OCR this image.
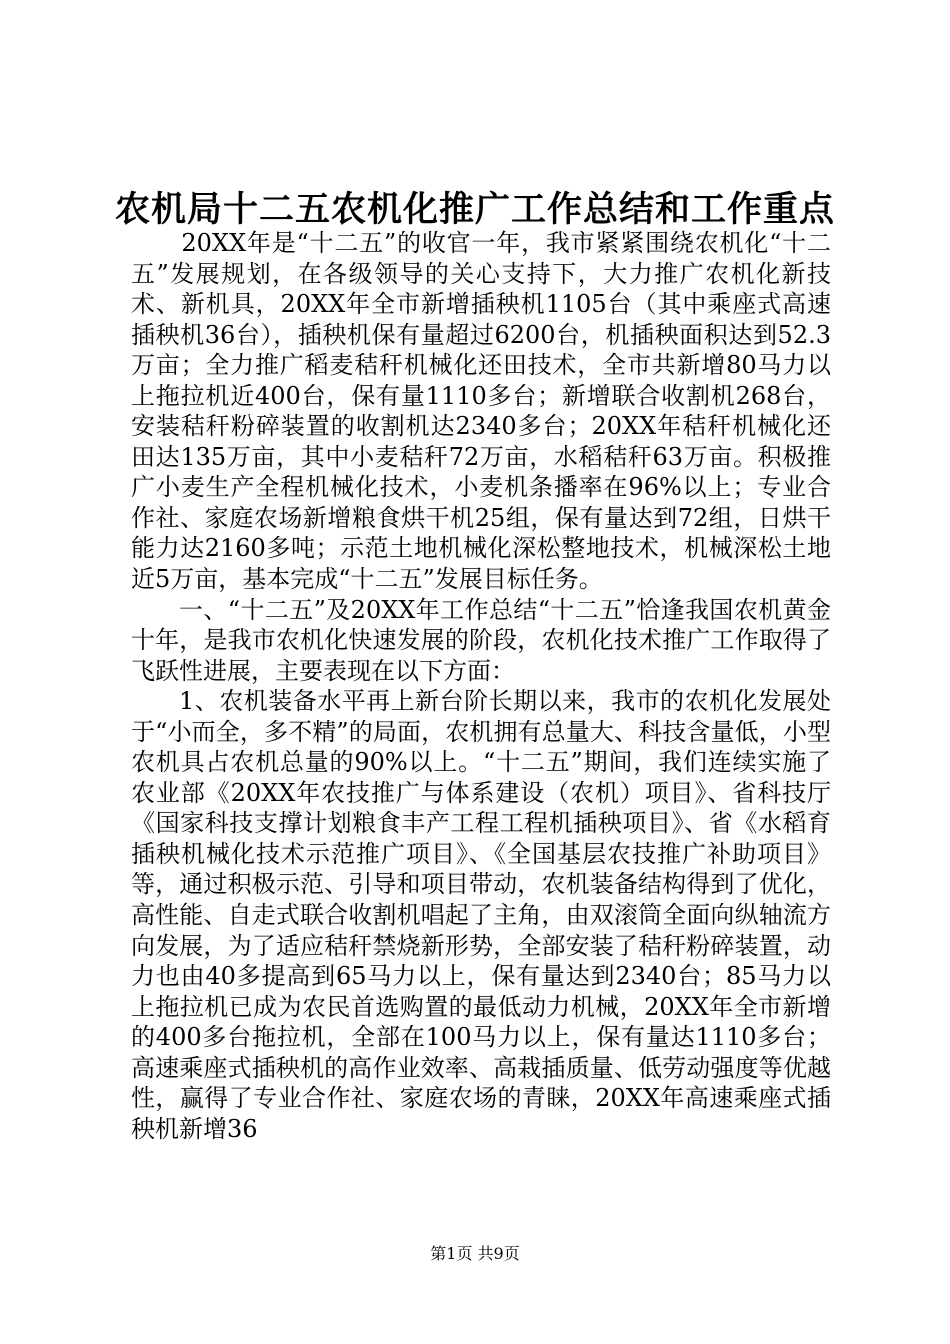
农机局十二五农机化推广工作总结和工作重点

20XX年是“十二五”的收官一年，我市紧紧围绕农机化“十二五”发展规划，在各级领导的关心支持下，大力推广农机化新技术、新机具，20XX年全市新增插秧机1105台（其中乘座式高速插秧机36台），插秧机保有量超过6200台，机插秧面积达到52.3万亩；全力推广稻麦秸秆机械化还田技术，全市共新增80马力以上拖拉机近400台，保有量1110多台；新增联合收割机268台，安装秸秆粉碎装置的收割机达2340多台；20XX年秸秆机械化还田达135万亩，其中小麦秸秆72万亩，水稻秸秆63万亩。积极推广小麦生产全程机械化技术，小麦机条播率在96%以上；专业合作社、家庭农场新增粮食烘干机25组，保有量达到72组，日烘干能力达2160多吨；示范土地机械化深松整地技术，机械深松土地近5万亩，基本完成“十二五”发展目标任务。

一、“十二五”及20XX年工作总结“十二五”恰逢我国农机黄金十年，是我市农机化快速发展的阶段，农机化技术推广工作取得了飞跃性进展，主要表现在以下方面：

1、农机装备水平再上新台阶长期以来，我市的农机化发展处于“小而全，多不精”的局面，农机拥有总量大、科技含量低，小型农机具占农机总量的90%以上。“十二五”期间，我们连续实施了农业部《20XX年农技推广与体系建设（农机）项目》、省科技厅《国家科技支撑计划粮食丰产工程工程机插秧项目》、省《水稻育插秧机械化技术示范推广项目》、《全国基层农技推广补助项目》等，通过积极示范、引导和项目带动，农机装备结构得到了优化，高性能、自走式联合收割机唱起了主角，由双滚筒全面向纵轴流方向发展，为了适应秸秆禁烧新形势，全部安装了秸秆粉碎装置，动力也由40多提高到65马力以上，保有量达到2340台；85马力以上拖拉机已成为农民首选购置的最低动力机械，20XX年全市新增的400多台拖拉机，全部在100马力以上，保有量达1110多台；高速乘座式插秧机的高作业效率、高栽插质量、低劳动强度等优越性，赢得了专业合作社、家庭农场的青睐，20XX年高速乘座式插秧机新增36

第1页 共9页
